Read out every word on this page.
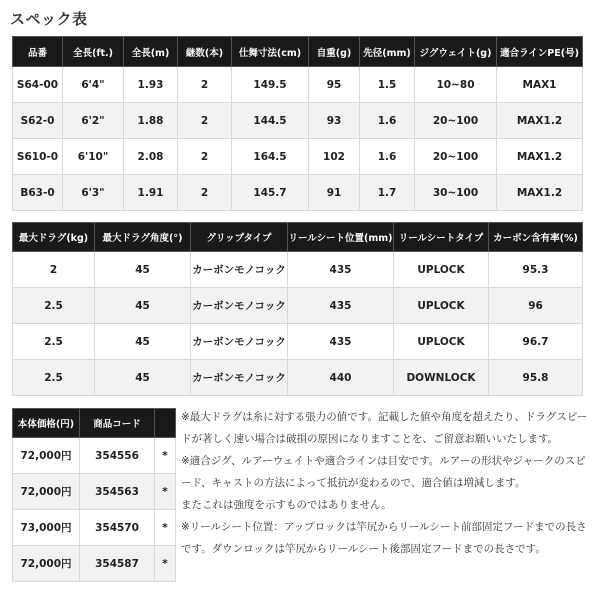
スペック表
品番	全長(ft.)	全長(m)	継数(本)	仕舞寸法(cm)	自重(g)	先径(mm)	ジグウェイト(g)	適合ラインPE(号)
S64-00	6'4"	1.93	2	149.5	95	1.5	10~80	MAX1
S62-0	6'2"	1.88	2	144.5	93	1.6	20~100	MAX1.2
S610-0	6'10"	2.08	2	164.5	102	1.6	20~100	MAX1.2
B63-0	6'3"	1.91	2	145.7	91	1.7	30~100	MAX1.2
最大ドラグ(kg)	最大ドラグ角度(°)	グリップタイプ	リールシート位置(mm)	リールシートタイプ	カーボン含有率(%)
2	45	カーボンモノコック	435	UPLOCK	95.3
2.5	45	カーボンモノコック	435	UPLOCK	96
2.5	45	カーボンモノコック	435	UPLOCK	96.7
2.5	45	カーボンモノコック	440	DOWNLOCK	95.8
本体価格(円)	商品コード	
72,000円	354556	*
72,000円	354563	*
73,000円	354570	*
72,000円	354587	*

※最大ドラグは糸に対する張力の値です。記載した値や角度を超えたり、ドラグスピードが著しく速い場合は破損の原因になりますことを、ご留意お願いいたします。

※適合ジグ、ルアーウェイトや適合ラインは目安です。ルアーの形状やジャークのスピード、キャストの方法によって抵抗が変わるので、適合値は増減します。

またこれは強度を示すものではありません。

※リールシート位置：アップロックは竿尻からリールシート前部固定フードまでの長さです。ダウンロックは竿尻からリールシート後部固定フードまでの長さです。
